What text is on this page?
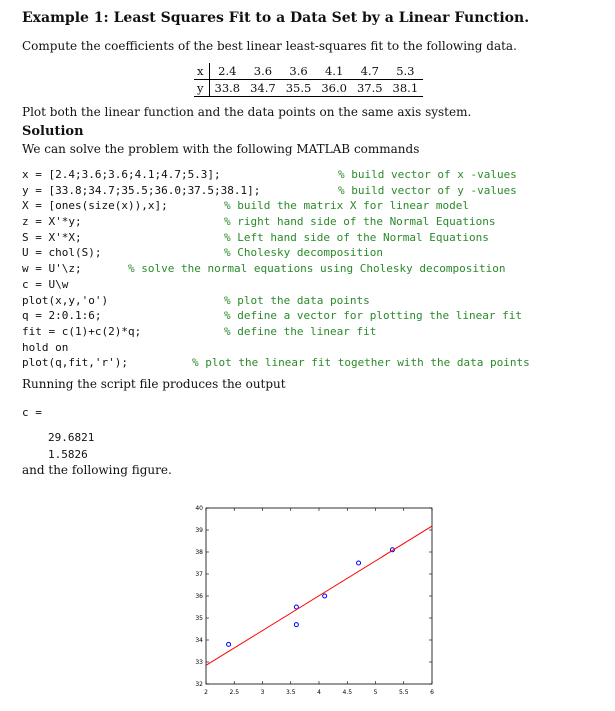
Example 1: Least Squares Fit to a Data Set by a Linear Function.
Compute the coefficients of the best linear least-squares fit to the following data.
x	2.4	3.6	3.6	4.1	4.7	5.3
y	33.8	34.7	35.5	36.0	37.5	38.1
Plot both the linear function and the data points on the same axis system.
Solution
We can solve the problem with the following MATLAB commands
x = [2.4;3.6;3.6;4.1;4.7;5.3];	% build vector of x -values
y = [33.8;34.7;35.5;36.0;37.5;38.1];	% build vector of y -values
X = [ones(size(x)),x];	% build the matrix X for linear model
z = X'*y;	% right hand side of the Normal Equations
S = X'*X;	% Left hand side of the Normal Equations
U = chol(S);	% Cholesky decomposition
w = U'\z;	% solve the normal equations using Cholesky decomposition
c = U\w
plot(x,y,'o')	% plot the data points
q = 2:0.1:6;	% define a vector for plotting the linear fit
fit = c(1)+c(2)*q;	% define the linear fit
hold on
plot(q,fit,'r');	% plot the linear fit together with the data points
Running the script file produces the output
c =
29.6821
1.5826
and the following figure.
2	2.5	3	3.5	4	4.5	5	5.5	6
32
33
34
35
36
37
38
39
40
